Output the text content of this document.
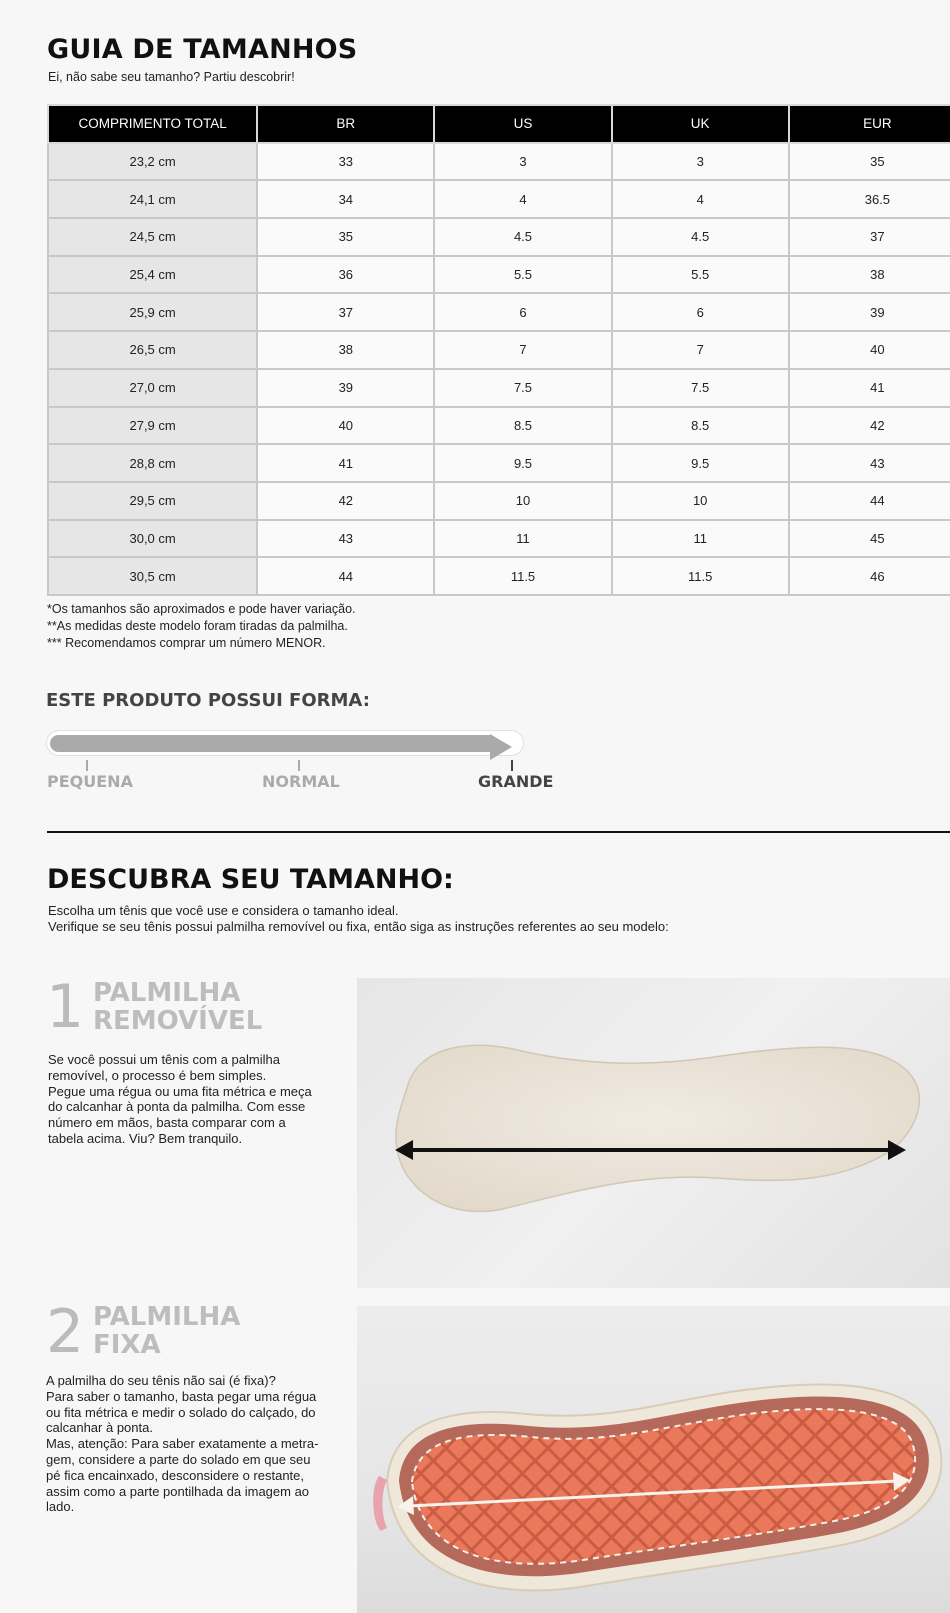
GUIA DE TAMANHOS
Ei, não sabe seu tamanho? Partiu descobrir!
COMPRIMENTO TOTAL	BR	US	UK	EUR
23,2 cm	33	3	3	35
24,1 cm	34	4	4	36.5
24,5 cm	35	4.5	4.5	37
25,4 cm	36	5.5	5.5	38
25,9 cm	37	6	6	39
26,5 cm	38	7	7	40
27,0 cm	39	7.5	7.5	41
27,9 cm	40	8.5	8.5	42
28,8 cm	41	9.5	9.5	43
29,5 cm	42	10	10	44
30,0 cm	43	11	11	45
30,5 cm	44	11.5	11.5	46
*Os tamanhos são aproximados e pode haver variação.
**As medidas deste modelo foram tiradas da palmilha.
*** Recomendamos comprar um número MENOR.
ESTE PRODUTO POSSUI FORMA:
PEQUENA	NORMAL	GRANDE
DESCUBRA SEU TAMANHO:
Escolha um tênis que você use e considera o tamanho ideal.
Verifique se seu tênis possui palmilha removível ou fixa, então siga as instruções referentes ao seu modelo:
1 PALMILHA
REMOVÍVEL
Se você possui um tênis com a palmilha
removível, o processo é bem simples.
Pegue uma régua ou uma fita métrica e meça
do calcanhar à ponta da palmilha. Com esse
número em mãos, basta comparar com a
tabela acima. Viu? Bem tranquilo.
2 PALMILHA
FIXA
A palmilha do seu tênis não sai (é fixa)?
Para saber o tamanho, basta pegar uma régua
ou fita métrica e medir o solado do calçado, do
calcanhar à ponta.
Mas, atenção: Para saber exatamente a metra-
gem, considere a parte do solado em que seu
pé fica encainxado, desconsidere o restante,
assim como a parte pontilhada da imagem ao
lado.
